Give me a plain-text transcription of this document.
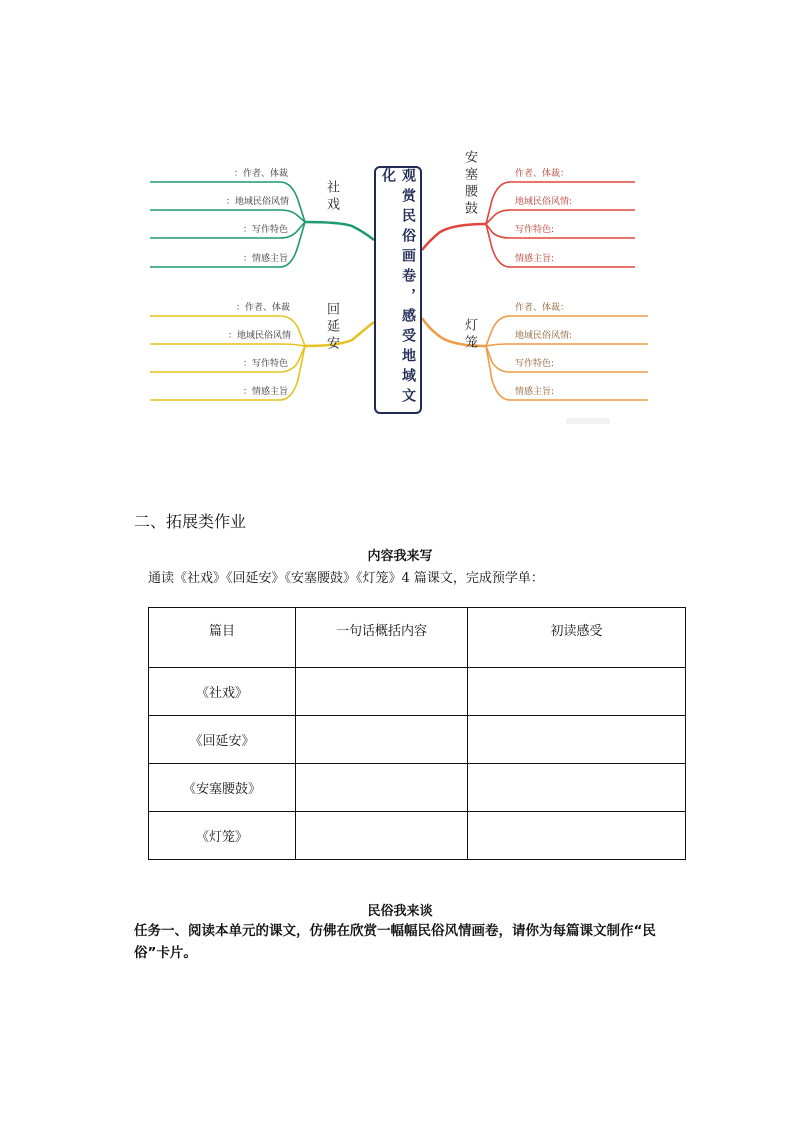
观赏民俗画卷，感受地域文化
社戏
回延安
安塞腰鼓
灯笼
：作者、体裁
：地域民俗风情
：写作特色
：情感主旨
：作者、体裁
：地域民俗风情
：写作特色
：情感主旨
作者、体裁：
地域民俗风情:
写作特色:
情感主旨:
作者、体裁：
地域民俗风情:
写作特色:
情感主旨:
二、拓展类作业
内容我来写
通读《社戏》《回延安》《安塞腰鼓》《灯笼》4 篇课文，完成预学单：
篇目	一句话概括内容	初读感受
《社戏》		
《回延安》		
《安塞腰鼓》		
《灯笼》		
民俗我来谈
任务一、阅读本单元的课文，仿佛在欣赏一幅幅民俗风情画卷，请你为每篇课文制作“民俗”卡片。
